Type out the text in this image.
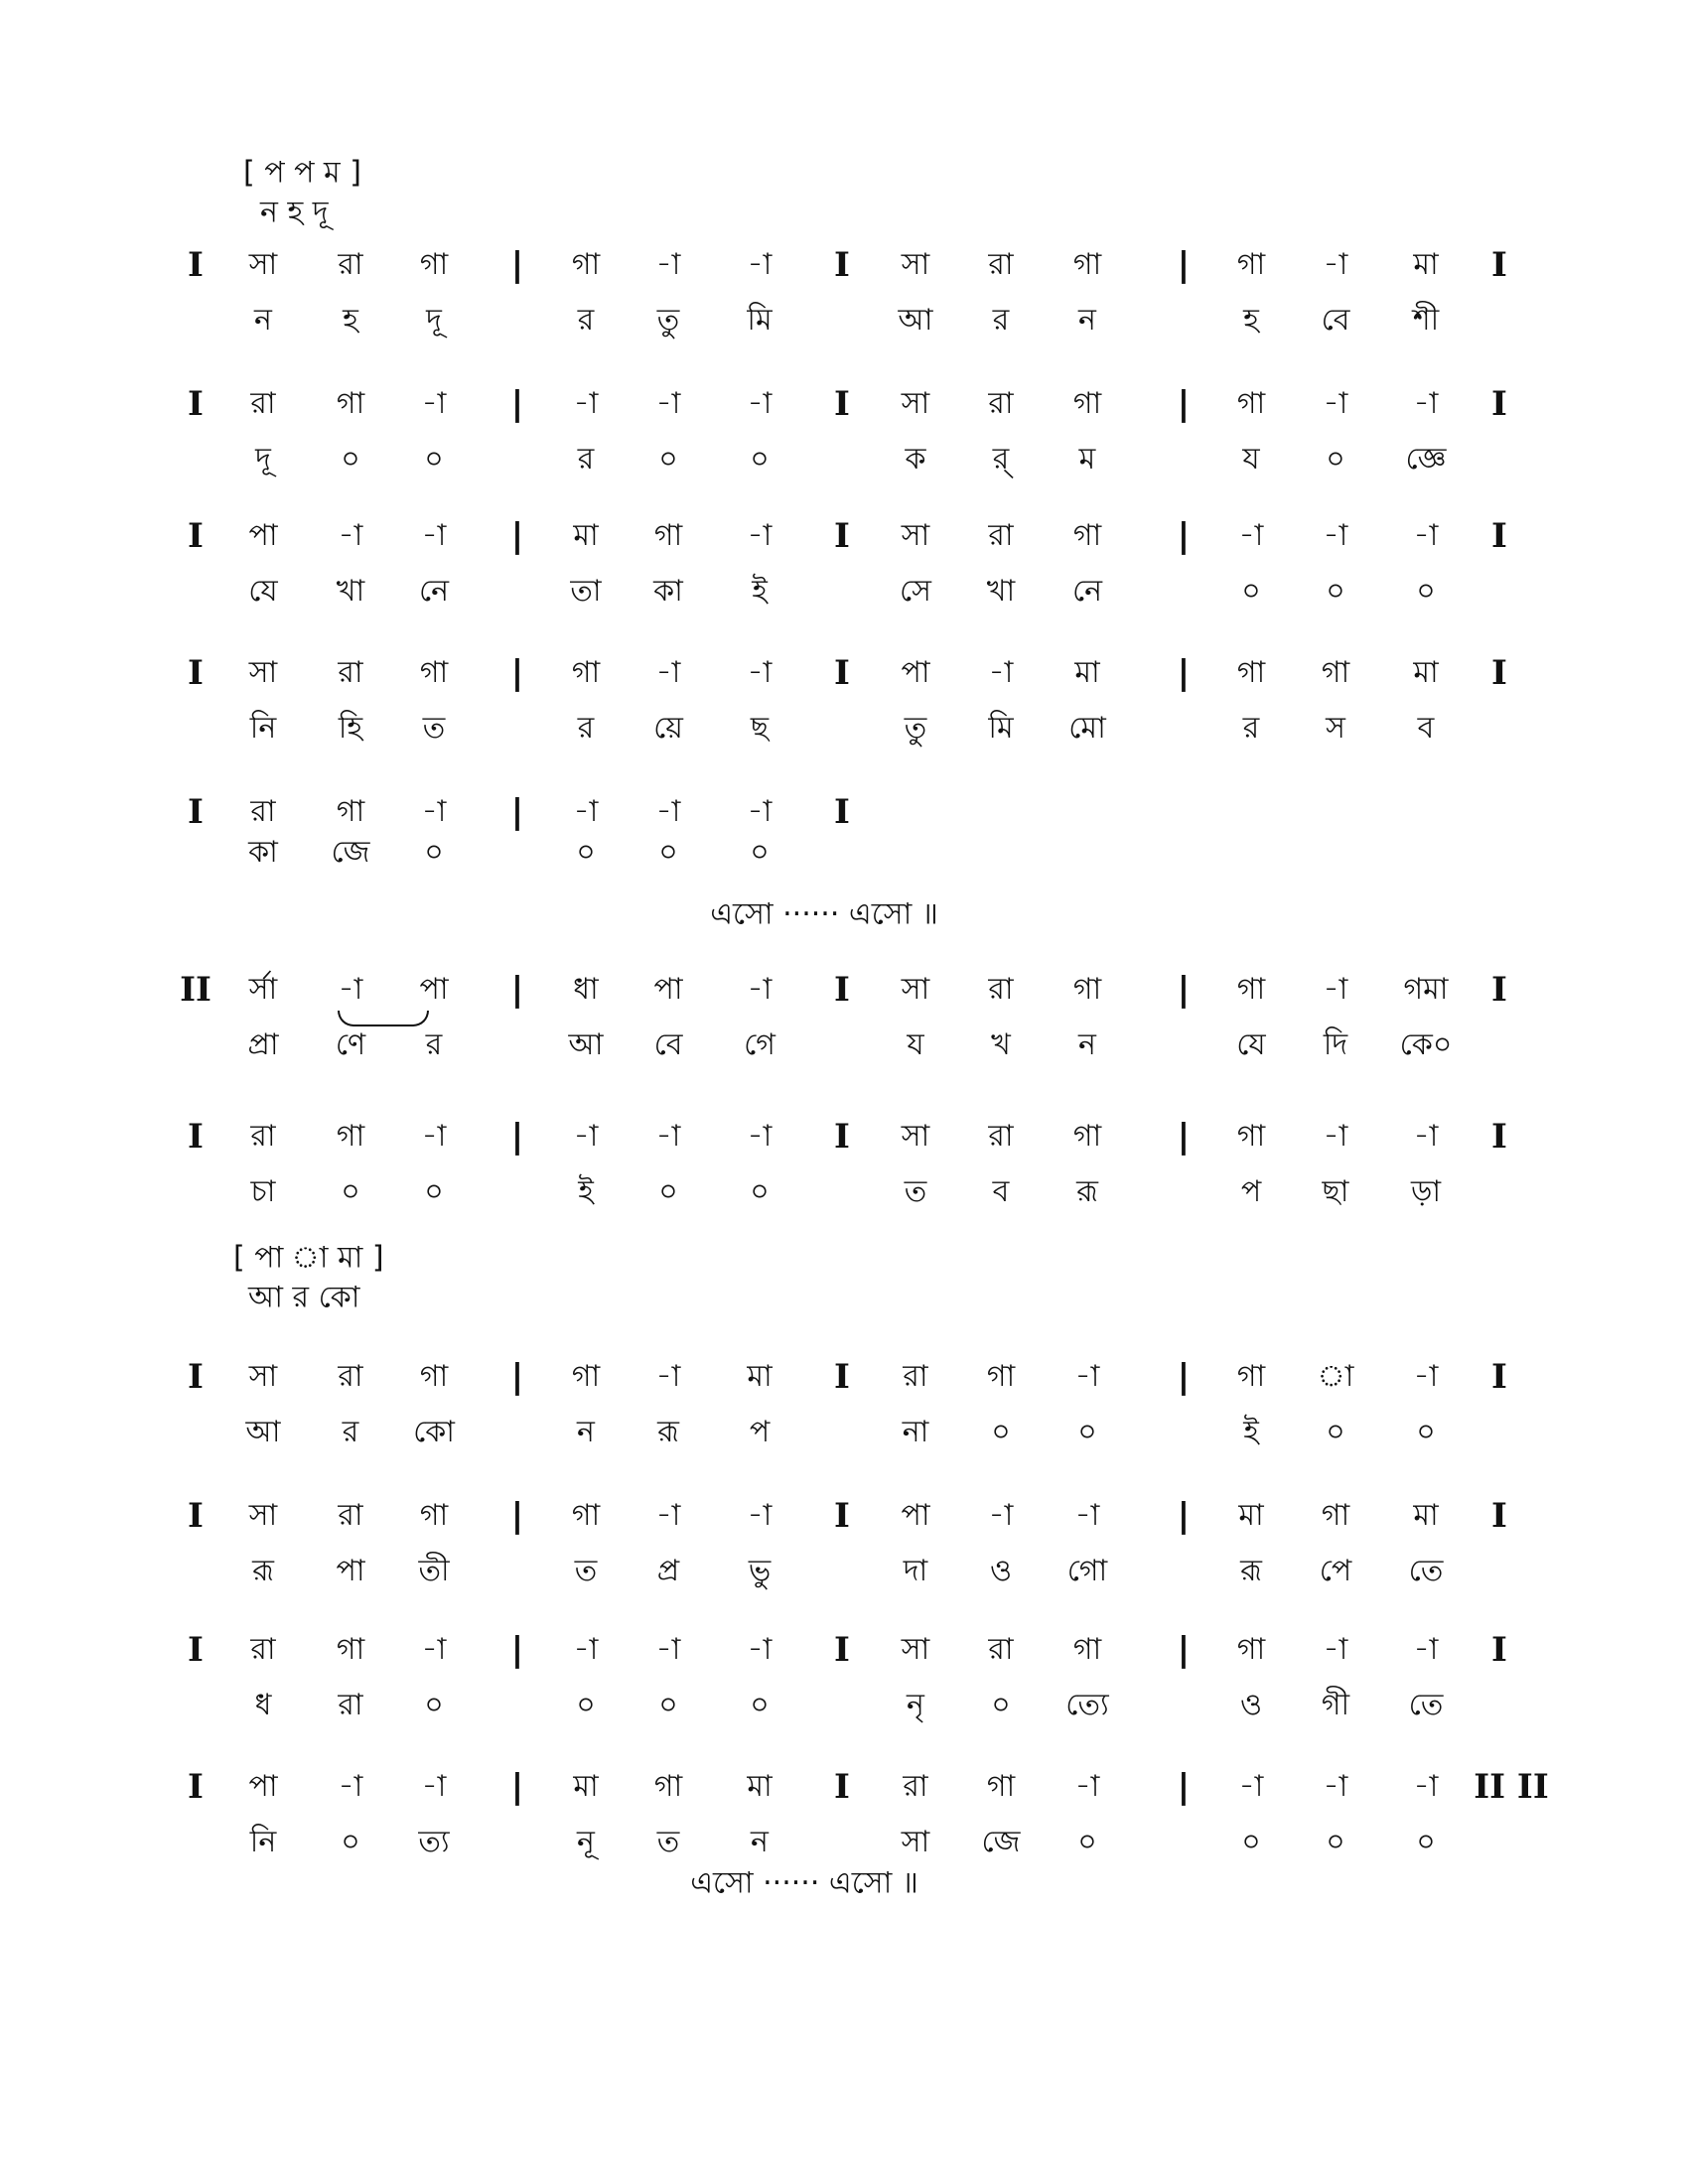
[ প প ম ]
ন হ দূ
এসো ······ এসো ॥
[ পা া মা ]
আ র কো
এসো ······ এসো ॥
I সা রা গা | গা -া -া I সা রা গা | গা -া মা I
ন হ দূ	র তু মি	আ র ন	হ বে শী
I রা গা -া | -া -া -া I সা রা গা | গা -া -া I
দূ ০ ০	র ০ ০	ক র্ ম	য ০ জ্ঞে
I পা -া -া | মা গা -া I সা রা গা | -া -া -া I
যে খা নে	তা কা ই	সে খা নে	০ ০ ০
I সা রা গা | গা -া -া I পা -া মা | গা গা মা I
নি হি ত	র য়ে ছ	তু মি মো	র স ব
I রা গা -া | -া -া -া I
কা জে ০	০ ০ ০
II র্সা -া পা | ধা পা -া I সা রা গা | গা -া গমা I
প্রা ণে র	আ বে গে	য খ ন	যে দি কে০
I রা গা -া | -া -া -া I সা রা গা | গা -া -া I
চা ০ ০	ই ০ ০	ত ব রূ	প ছা ড়া
I সা রা গা | গা -া মা I রা গা -া | গা া -া I
আ র কো	ন রূ প	না ০ ০	ই ০ ০
I সা রা গা | গা -া -া I পা -া -া | মা গা মা I
রূ পা তী	ত প্র ভু	দা ও গো	রূ পে তে
I রা গা -া | -া -া -া I সা রা গা | গা -া -া I
ধ রা ০	০ ০ ০	নৃ ০ ত্যে	ও গী তে
I পা -া -া | মা গা মা I রা গা -া | -া -া -া II II
নি ০ ত্য	নূ ত ন	সা জে ০	০ ০ ০
